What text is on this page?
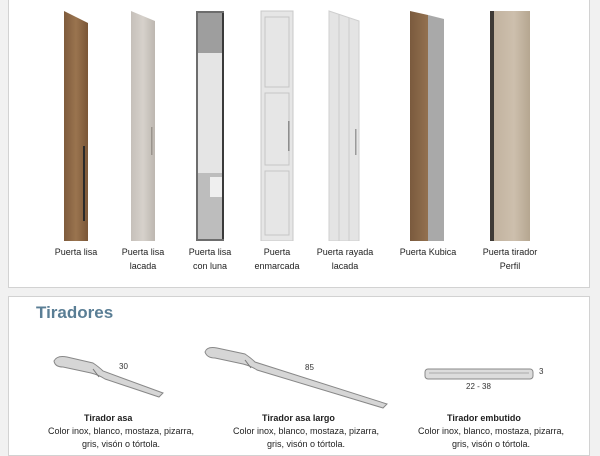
Puerta lisa	Puerta lisa
lacada
Puerta lisa
con luna
Puerta
enmarcada
Puerta rayada
lacada
Puerta Kubica	Puerta tirador
Perfil
Tiradores
30
Tirador asa
Color inox, blanco, mostaza, pizarra,
gris, visón o tórtola.
85
Tirador asa largo
Color inox, blanco, mostaza, pizarra,
gris, visón o tórtola.
3
22 - 38
Tirador embutido
Color inox, blanco, mostaza, pizarra,
gris, visón o tórtola.
